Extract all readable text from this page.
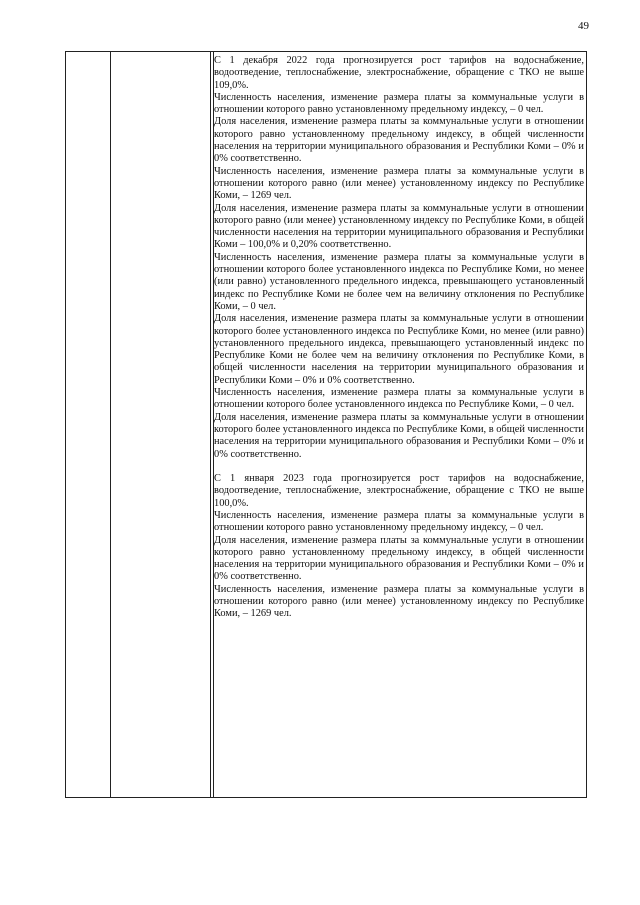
49

С 1 декабря 2022 года прогнозируется рост тарифов на водоснабжение, водоотведение, теплоснабжение, электроснабжение, обращение с ТКО не выше 109,0%.

Численность населения, изменение размера платы за коммунальные услуги в отношении которого равно установленному предельному индексу, – 0 чел.

Доля населения, изменение размера платы за коммунальные услуги в отношении которого равно установленному предельному индексу, в общей численности населения на территории муниципального образования и Республики Коми – 0% и 0% соответственно.

Численность населения, изменение размера платы за коммунальные услуги в отношении которого равно (или менее) установленному индексу по Республике Коми, – 1269 чел.

Доля населения, изменение размера платы за коммунальные услуги в отношении которого равно (или менее) установленному индексу по Республике Коми, в общей численности населения на территории муниципального образования и Республики Коми – 100,0% и 0,20% соответственно.

Численность населения, изменение размера платы за коммунальные услуги в отношении которого более установленного индекса по Республике Коми, но менее (или равно) установленного предельного индекса, превышающего установленный индекс по Республике Коми не более чем на величину отклонения по Республике Коми, – 0 чел.

Доля населения, изменение размера платы за коммунальные услуги в отношении которого более установленного индекса по Республике Коми, но менее (или равно) установленного предельного индекса, превышающего установленный индекс по Республике Коми не более чем на величину отклонения по Республике Коми, в общей численности населения на территории муниципального образования и Республики Коми – 0% и 0% соответственно.

Численность населения, изменение размера платы за коммунальные услуги в отношении которого более установленного индекса по Республике Коми, – 0 чел.

Доля населения, изменение размера платы за коммунальные услуги в отношении которого более установленного индекса по Республике Коми, в общей численности населения на территории муниципального образования и Республики Коми – 0% и 0% соответственно.

С 1 января 2023 года прогнозируется рост тарифов на водоснабжение, водоотведение, теплоснабжение, электроснабжение, обращение с ТКО не выше 100,0%.

Численность населения, изменение размера платы за коммунальные услуги в отношении которого равно установленному предельному индексу, – 0 чел.

Доля населения, изменение размера платы за коммунальные услуги в отношении которого равно установленному предельному индексу, в общей численности населения на территории муниципального образования и Республики Коми – 0% и 0% соответственно.

Численность населения, изменение размера платы за коммунальные услуги в отношении которого равно (или менее) установленному индексу по Республике Коми, – 1269 чел.
